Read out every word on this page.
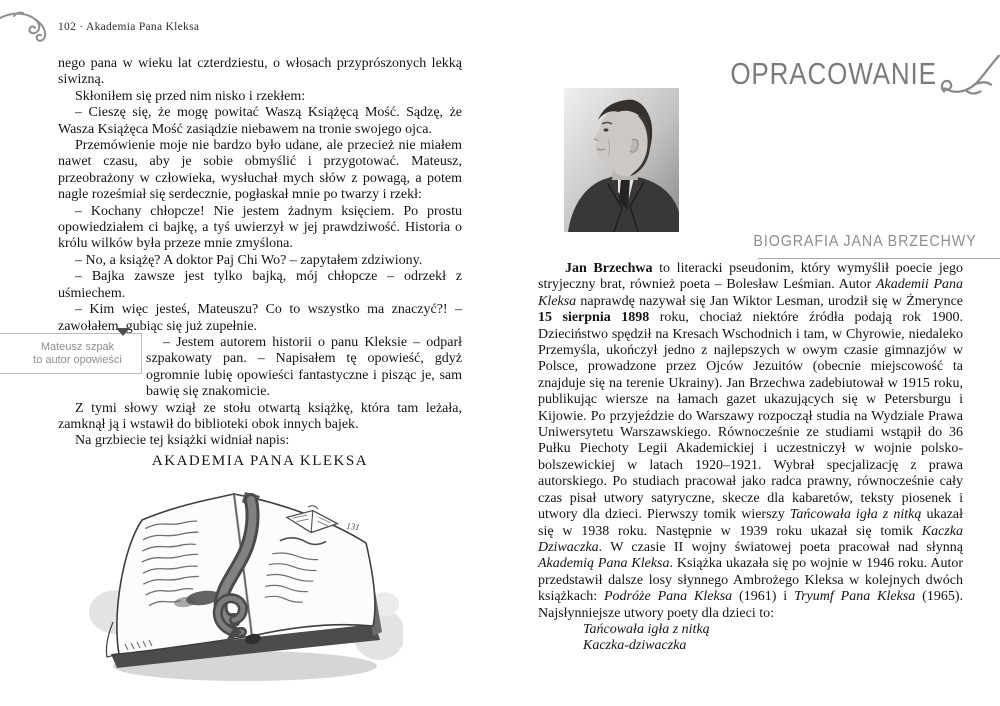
102 · Akademia Pana Kleksa

nego pana w wieku lat czterdziestu, o włosach przyprószonych lekką siwizną.

Skłoniłem się przed nim nisko i rzekłem:

– Cieszę się, że mogę powitać Waszą Książęcą Mość. Sądzę, że Wasza Książęca Mość zasiądzie niebawem na tronie swojego ojca.

Przemówienie moje nie bardzo było udane, ale przecież nie miałem nawet czasu, aby je sobie obmyślić i przygotować. Mateusz, przeobrażony w człowieka, wysłuchał mych słów z powagą, a potem nagle roześmiał się serdecznie, pogłaskał mnie po twarzy i rzekł:

– Kochany chłopcze! Nie jestem żadnym księciem. Po prostu opowiedziałem ci bajkę, a tyś uwierzył w jej prawdziwość. Historia o królu wilków była przeze mnie zmyślona.

– No, a książę? A doktor Paj Chi Wo? – zapytałem zdziwiony.

– Bajka zawsze jest tylko bajką, mój chłopcze – odrzekł z uśmiechem.

– Kim więc jesteś, Mateuszu? Co to wszystko ma znaczyć?! – zawołałem, gubiąc się już zupełnie.

Mateusz szpak
to autor opowieści
– Jestem autorem historii o panu Kleksie – odparł szpakowaty pan. – Napisałem tę opowieść, gdyż ogromnie lubię opowieści fantastyczne i pisząc je, sam bawię się znakomicie.

Z tymi słowy wziął ze stołu otwartą książkę, która tam leżała, zamknął ją i wstawił do biblioteki obok innych bajek.

Na grzbiecie tej książki widniał napis:

AKADEMIA PANA KLEKSA
131
OPRACOWANIE
BIOGRAFIA JANA BRZECHWY

Jan Brzechwa to literacki pseudonim, który wymyślił poecie jego stryjeczny brat, również poeta – Bolesław Leśmian. Autor Akademii Pana Kleksa naprawdę nazywał się Jan Wiktor Lesman, urodził się w Żmerynce 15 sierpnia 1898 roku, chociaż niektóre źródła podają rok 1900. Dzieciństwo spędził na Kresach Wschodnich i tam, w Chyrowie, niedaleko Przemyśla, ukończył jedno z najlepszych w owym czasie gimnazjów w Polsce, prowadzone przez Ojców Jezuitów (obecnie miejscowość ta znajduje się na terenie Ukrainy). Jan Brzechwa zadebiutował w 1915 roku, publikując wiersze na łamach gazet ukazujących się w Petersburgu i Kijowie. Po przyjeździe do Warszawy rozpoczął studia na Wydziale Prawa Uniwersytetu Warszawskiego. Równocześnie ze studiami wstąpił do 36 Pułku Piechoty Legii Akademickiej i uczestniczył w wojnie polsko-bolszewickiej w latach 1920–1921. Wybrał specjalizację z prawa autorskiego. Po studiach pracował jako radca prawny, równocześnie cały czas pisał utwory satyryczne, skecze dla kabaretów, teksty piosenek i utwory dla dzieci. Pierwszy tomik wierszy Tańcowała igła z nitką ukazał się w 1938 roku. Następnie w 1939 roku ukazał się tomik Kaczka Dziwaczka. W czasie II wojny światowej poeta pracował nad słynną Akademią Pana Kleksa. Książka ukazała się po wojnie w 1946 roku. Autor przedstawił dalsze losy słynnego Ambrożego Kleksa w kolejnych dwóch książkach: Podróże Pana Kleksa (1961) i Tryumf Pana Kleksa (1965). Najsłynniejsze utwory poety dla dzieci to:

Tańcowała igła z nitką

Kaczka-dziwaczka
